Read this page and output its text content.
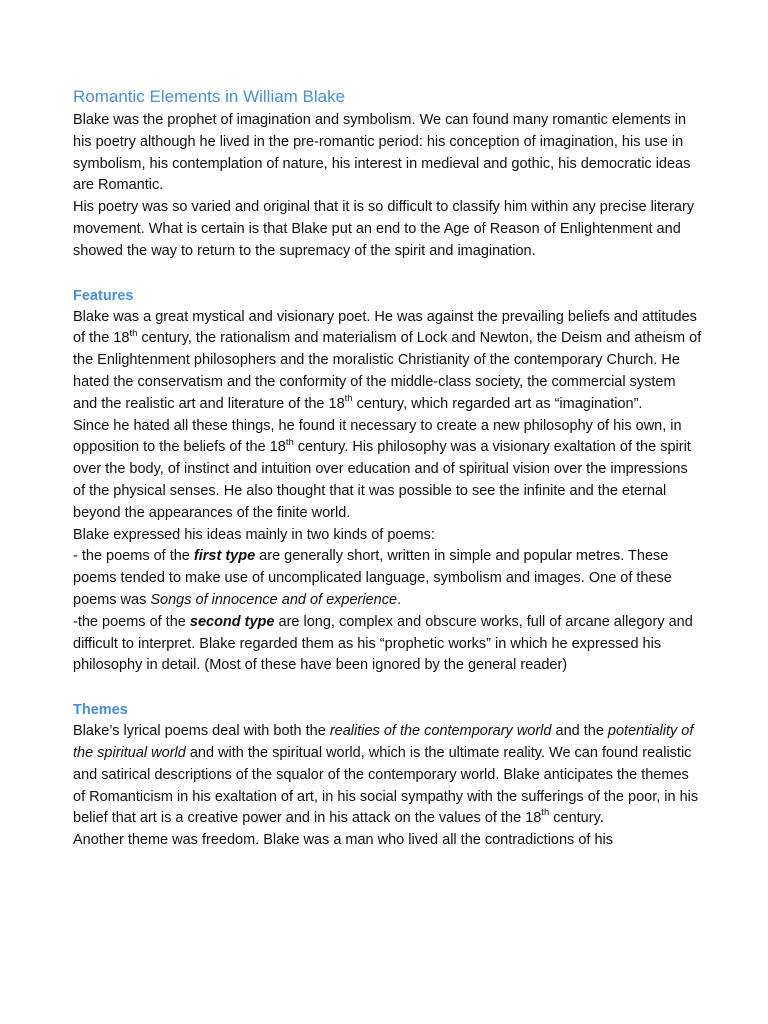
Romantic Elements in William Blake

Blake was the prophet of imagination and symbolism. We can found many romantic elements in his poetry although he lived in the pre-romantic period: his conception of imagination, his use in symbolism, his contemplation of nature, his interest in medieval and gothic, his democratic ideas are Romantic.

His poetry was so varied and original that it is so difficult to classify him within any precise literary movement. What is certain is that Blake put an end to the Age of Reason of Enlightenment and showed the way to return to the supremacy of the spirit and imagination.

Features

Blake was a great mystical and visionary poet. He was against the prevailing beliefs and attitudes of the 18th century, the rationalism and materialism of Lock and Newton, the Deism and atheism of the Enlightenment philosophers and the moralistic Christianity of the contemporary Church. He hated the conservatism and the conformity of the middle-class society, the commercial system and the realistic art and literature of the 18th century, which regarded art as “imagination”.

Since he hated all these things, he found it necessary to create a new philosophy of his own, in opposition to the beliefs of the 18th century. His philosophy was a visionary exaltation of the spirit over the body, of instinct and intuition over education and of spiritual vision over the impressions of the physical senses. He also thought that it was possible to see the infinite and the eternal beyond the appearances of the finite world.

Blake expressed his ideas mainly in two kinds of poems:

- the poems of the first type are generally short, written in simple and popular metres. These poems tended to make use of uncomplicated language, symbolism and images. One of these poems was Songs of innocence and of experience.

-the poems of the second type are long, complex and obscure works, full of arcane allegory and difficult to interpret. Blake regarded them as his “prophetic works” in which he expressed his philosophy in detail. (Most of these have been ignored by the general reader)

Themes

Blake’s lyrical poems deal with both the realities of the contemporary world and the potentiality of the spiritual world and with the spiritual world, which is the ultimate reality. We can found realistic and satirical descriptions of the squalor of the contemporary world. Blake anticipates the themes of Romanticism in his exaltation of art, in his social sympathy with the sufferings of the poor, in his belief that art is a creative power and in his attack on the values of the 18th century.

Another theme was freedom. Blake was a man who lived all the contradictions of his
